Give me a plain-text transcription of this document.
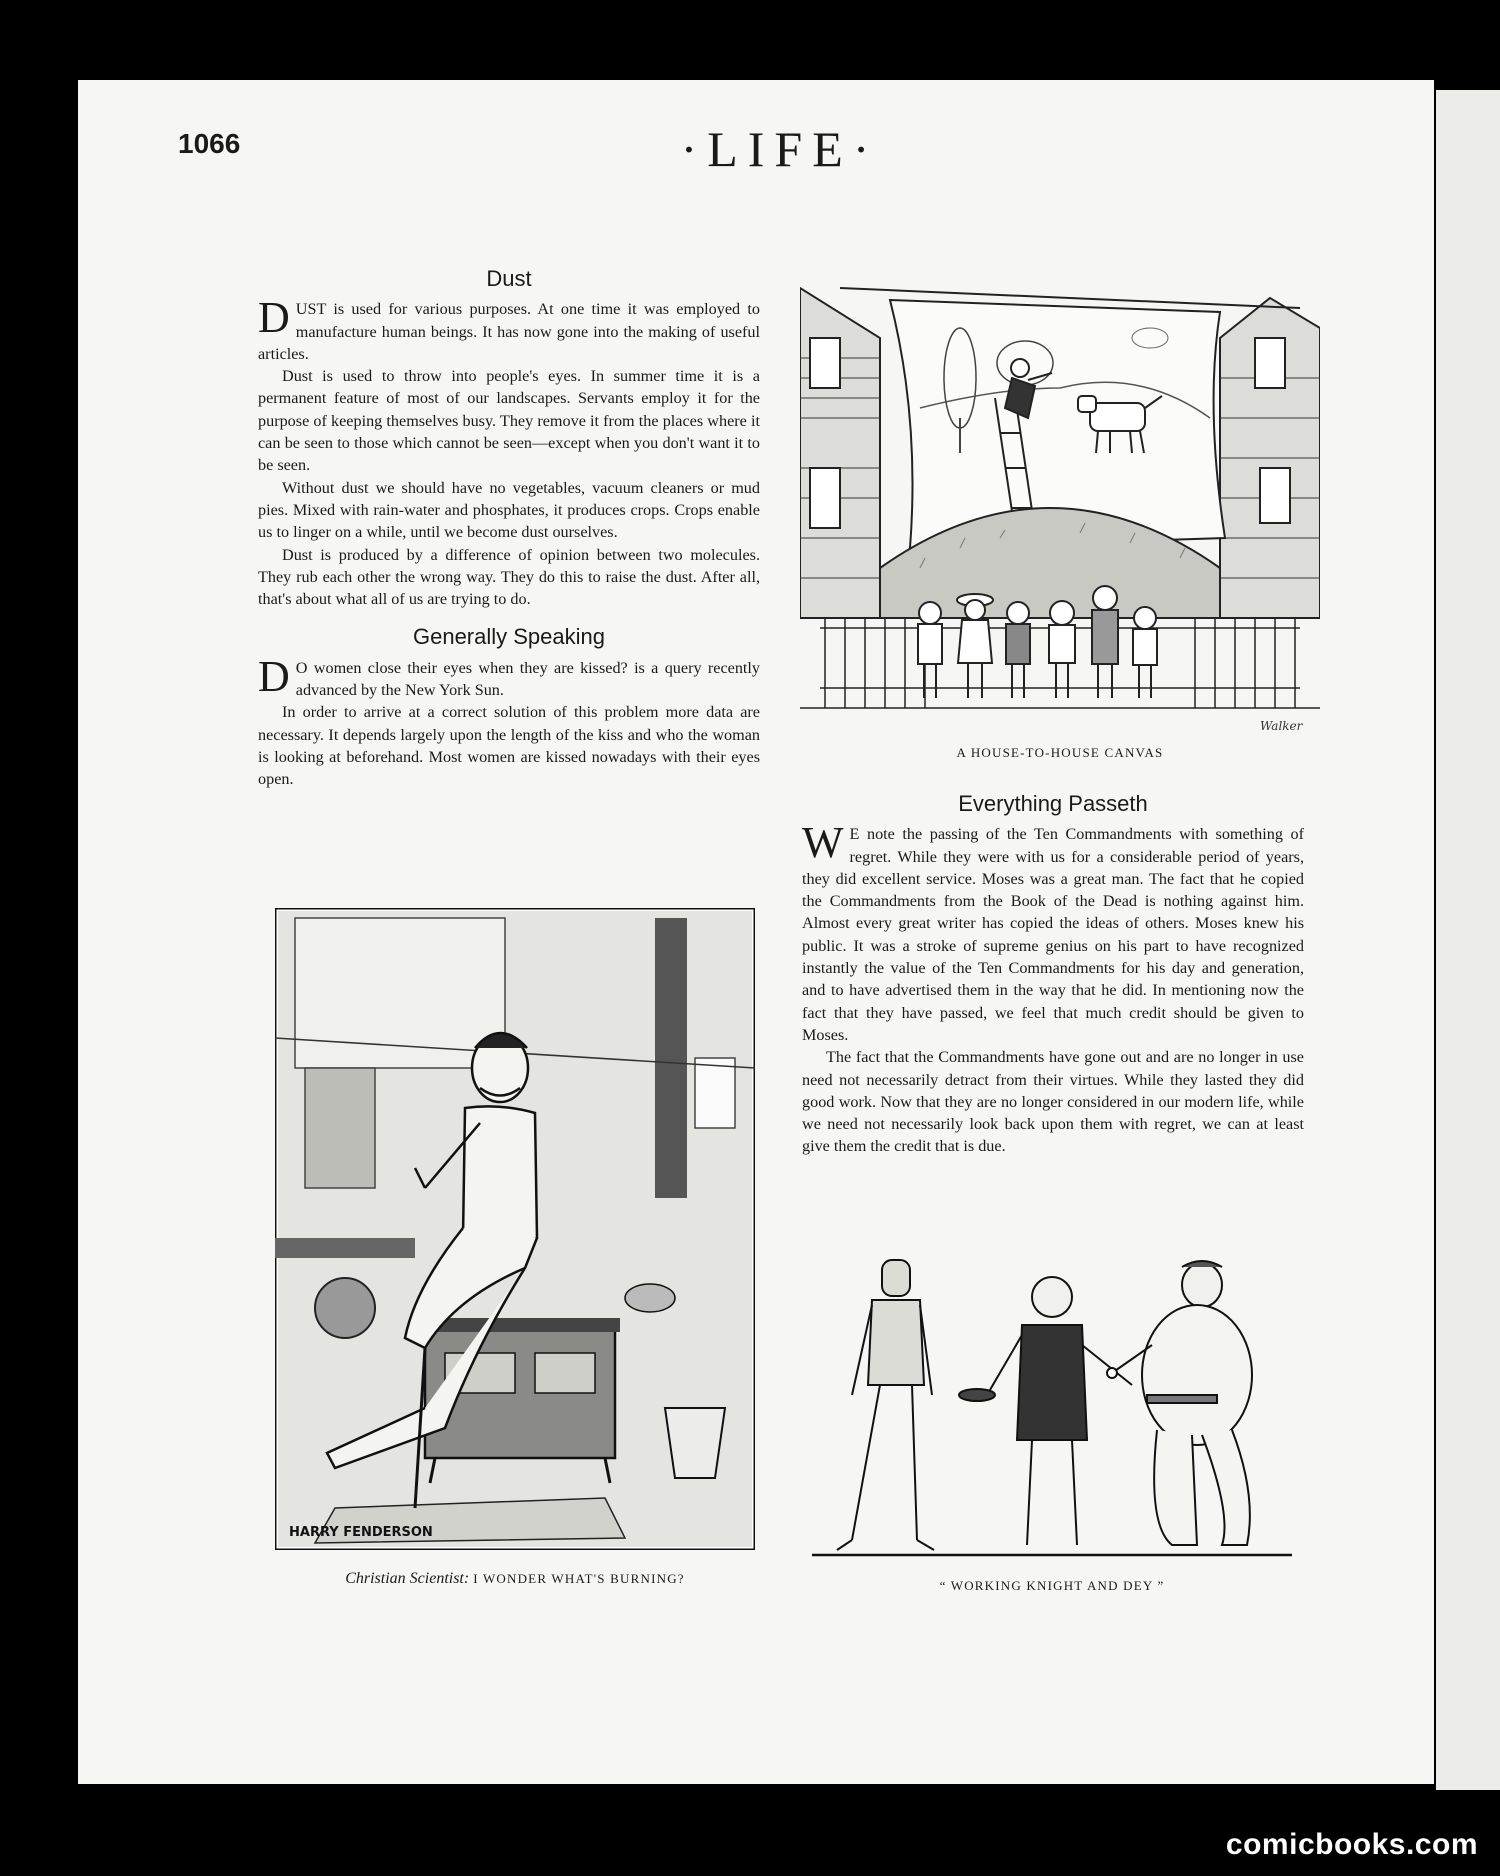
1066	·LIFE·
Dust

DUST is used for various purposes. At one time it was employed to manufacture human beings. It has now gone into the making of useful articles.

Dust is used to throw into people's eyes. In summer time it is a permanent feature of most of our landscapes. Servants employ it for the purpose of keeping themselves busy. They remove it from the places where it can be seen to those which cannot be seen—except when you don't want it to be seen.

Without dust we should have no vegetables, vacuum cleaners or mud pies. Mixed with rain-water and phosphates, it produces crops. Crops enable us to linger on a while, until we become dust ourselves.

Dust is produced by a difference of opinion between two molecules. They rub each other the wrong way. They do this to raise the dust. After all, that's about what all of us are trying to do.

Generally Speaking

DO women close their eyes when they are kissed? is a query recently advanced by the New York Sun.

In order to arrive at a correct solution of this problem more data are necessary. It depends largely upon the length of the kiss and who the woman is looking at beforehand. Most women are kissed nowadays with their eyes open.

Everything Passeth

WE note the passing of the Ten Commandments with something of regret. While they were with us for a considerable period of years, they did excellent service. Moses was a great man. The fact that he copied the Commandments from the Book of the Dead is nothing against him. Almost every great writer has copied the ideas of others. Moses knew his public. It was a stroke of supreme genius on his part to have recognized instantly the value of the Ten Commandments for his day and generation, and to have advertised them in the way that he did. In mentioning now the fact that they have passed, we feel that much credit should be given to Moses.

The fact that the Commandments have gone out and are no longer in use need not necessarily detract from their virtues. While they lasted they did good work. Now that they are no longer considered in our modern life, while we need not necessarily look back upon them with regret, we can at least give them the credit that is due.

Walker
A HOUSE-TO-HOUSE CANVAS
HARRY FENDERSON
Christian Scientist: I WONDER WHAT'S BURNING?	“ WORKING KNIGHT AND DEY ”
comicbooks.com
